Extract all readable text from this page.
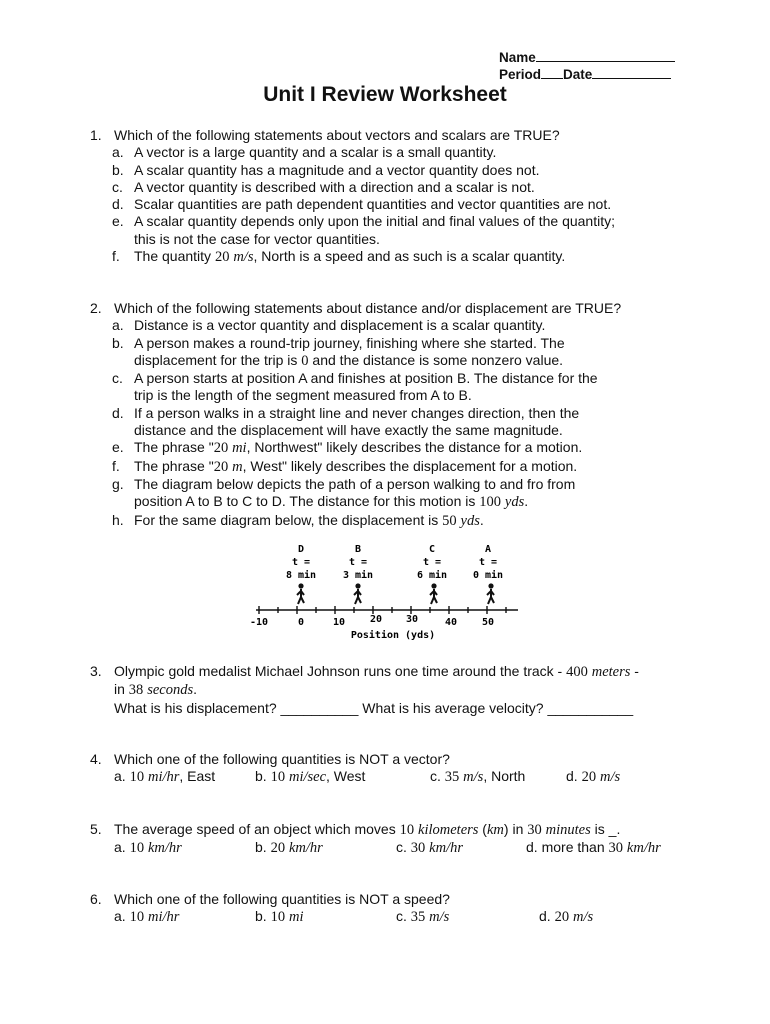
Name
Period Date
Unit I Review Worksheet
1. Which of the following statements about vectors and scalars are TRUE?
a. A vector is a large quantity and a scalar is a small quantity.
b. A scalar quantity has a magnitude and a vector quantity does not.
c. A vector quantity is described with a direction and a scalar is not.
d. Scalar quantities are path dependent quantities and vector quantities are not.
e. A scalar quantity depends only upon the initial and final values of the quantity;
this is not the case for vector quantities.
f.	The quantity 20 m/s, North is a speed and as such is a scalar quantity.
2. Which of the following statements about distance and/or displacement are TRUE?
a. Distance is a vector quantity and displacement is a scalar quantity.
b. A person makes a round-trip journey, finishing where she started. The
displacement for the trip is 0 and the distance is some nonzero value.
c. A person starts at position A and finishes at position B. The distance for the
trip is the length of the segment measured from A to B.
d. If a person walks in a straight line and never changes direction, then the
distance and the displacement will have exactly the same magnitude.
e. The phrase "20 mi, Northwest" likely describes the distance for a motion.
f.	The phrase "20 m, West" likely describes the displacement for a motion.
g. The diagram below depicts the path of a person walking to and fro from
position A to B to C to D. The distance for this motion is 100 yds.
h. For the same diagram below, the displacement is 50 yds.
D
t =
8 min
B
t =
3 min
C
t =
6 min
A
t =
0 min
-10	0	10 20 30	40 50
Position (yds)
3. Olympic gold medalist Michael Johnson runs one time around the track - 400 meters -
in 38 seconds.
What is his displacement? __________ What is his average velocity? ___________
4. Which one of the following quantities is NOT a vector?
a. 10 mi/hr, East	b. 10 mi/sec, West	c. 35 m/s, North	d. 20 m/s
5. The average speed of an object which moves 10 kilometers (km) in 30 minutes is _.
a. 10 km/hr	b. 20 km/hr	c. 30 km/hr	d. more than 30 km/hr
6. Which one of the following quantities is NOT a speed?
a. 10 mi/hr	b. 10 mi	c. 35 m/s	d. 20 m/s
